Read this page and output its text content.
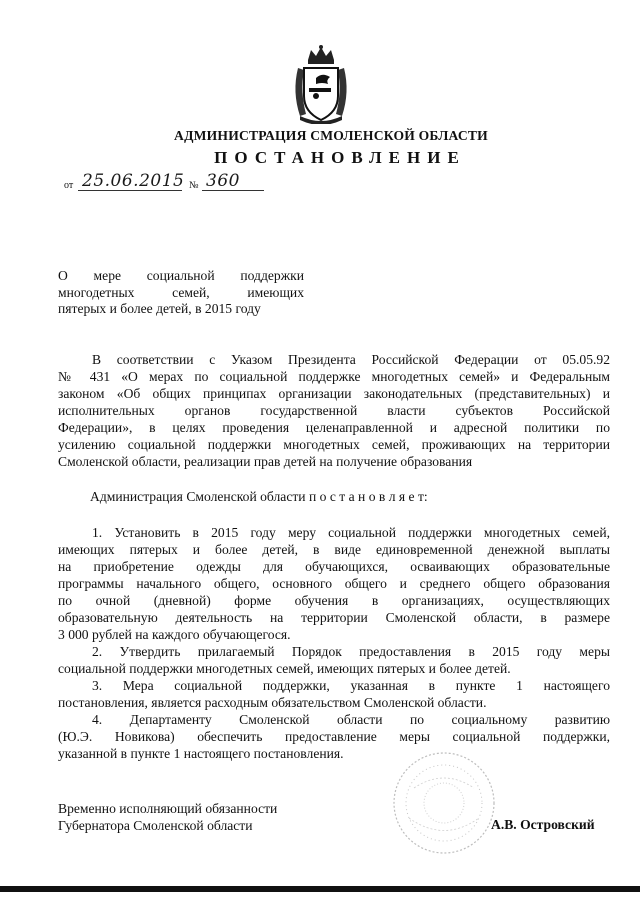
АДМИНИСТРАЦИЯ СМОЛЕНСКОЙ ОБЛАСТИ
ПОСТАНОВЛЕНИЕ
от 25.06.2015 № 360
О мере социальной поддержки
многодетных семей, имеющих
пятерых и более детей, в 2015 году

В соответствии с Указом Президента Российской Федерации от 05.05.92
№ 431 «О мерах по социальной поддержке многодетных семей» и Федеральным
законом «Об общих принципах организации законодательных (представительных) и
исполнительных органов государственной власти субъектов Российской
Федерации», в целях проведения целенаправленной и адресной политики по
усилению социальной поддержки многодетных семей, проживающих на территории
Смоленской области, реализации прав детей на получение образования

Администрация Смоленской области п о с т а н о в л я е т:

1. Установить в 2015 году меру социальной поддержки многодетных семей,
имеющих пятерых и более детей, в виде единовременной денежной выплаты
на приобретение одежды для обучающихся, осваивающих образовательные
программы начального общего, основного общего и среднего общего образования
по очной (дневной) форме обучения в организациях, осуществляющих
образовательную деятельность на территории Смоленской области, в размере
3 000 рублей на каждого обучающегося.

2. Утвердить прилагаемый Порядок предоставления в 2015 году меры
социальной поддержки многодетных семей, имеющих пятерых и более детей.

3. Мера социальной поддержки, указанная в пункте 1 настоящего
постановления, является расходным обязательством Смоленской области.

4. Департаменту Смоленской области по социальному развитию
(Ю.Э. Новикова) обеспечить предоставление меры социальной поддержки,
указанной в пункте 1 настоящего постановления.

Временно исполняющий обязанности
Губернатора Смоленской области	А.В. Островский
